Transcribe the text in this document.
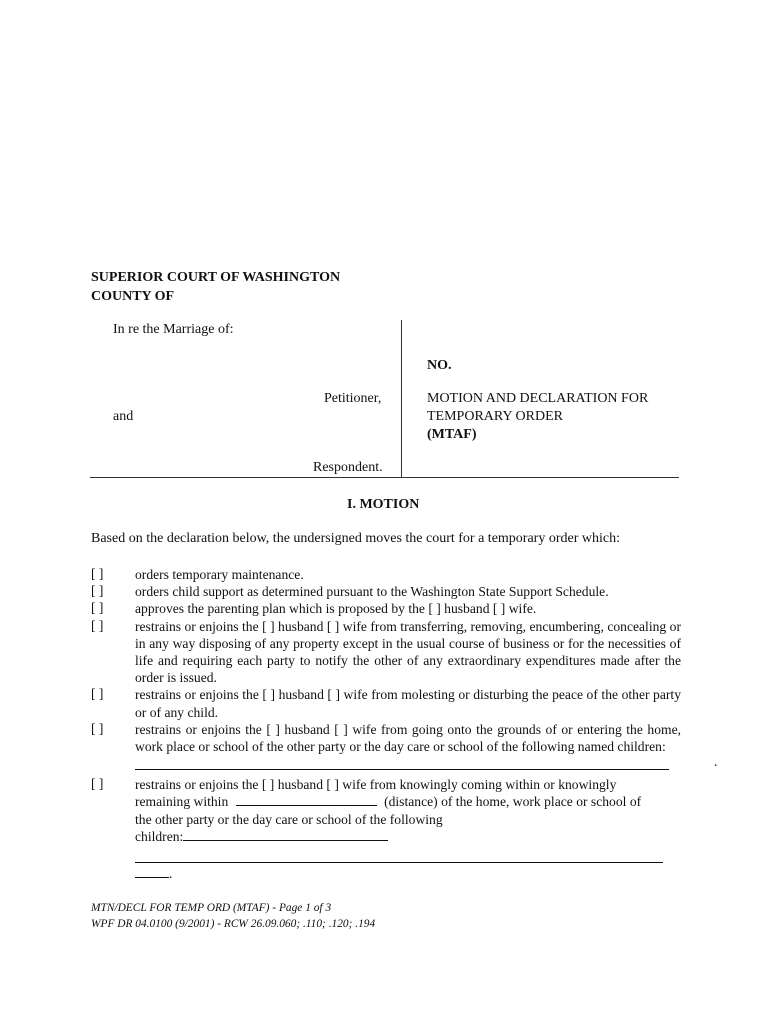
SUPERIOR COURT OF WASHINGTON
COUNTY OF
In re the Marriage of:
Petitioner,
and
Respondent.
NO.
MOTION AND DECLARATION FOR
TEMPORARY ORDER
(MTAF)
I. MOTION
Based on the declaration below, the undersigned moves the court for a temporary order which:
[ ] orders temporary maintenance.
[ ] orders child support as determined pursuant to the Washington State Support Schedule.
[ ] approves the parenting plan which is proposed by the [ ] husband [ ] wife.
[ ] restrains or enjoins the [ ] husband [ ] wife from transferring, removing, encumbering, concealing or in any way disposing of any property except in the usual course of business or for the necessities of life and requiring each party to notify the other of any extraordinary expenditures made after the order is issued.
[ ] restrains or enjoins the [ ] husband [ ] wife from molesting or disturbing the peace of the other party or of any child.
[ ] restrains or enjoins the [ ] husband [ ] wife from going onto the grounds of or entering the home, work place or school of the other party or the day care or school of the following named children:
.
[ ] restrains or enjoins the [ ] husband [ ] wife from knowingly coming within or knowingly
remaining within	(distance) of the home, work place or school of
the other party or the day care or school of the following
children:
.
MTN/DECL FOR TEMP ORD (MTAF) - Page 1 of 3
WPF DR 04.0100 (9/2001) - RCW 26.09.060; .110; .120; .194
